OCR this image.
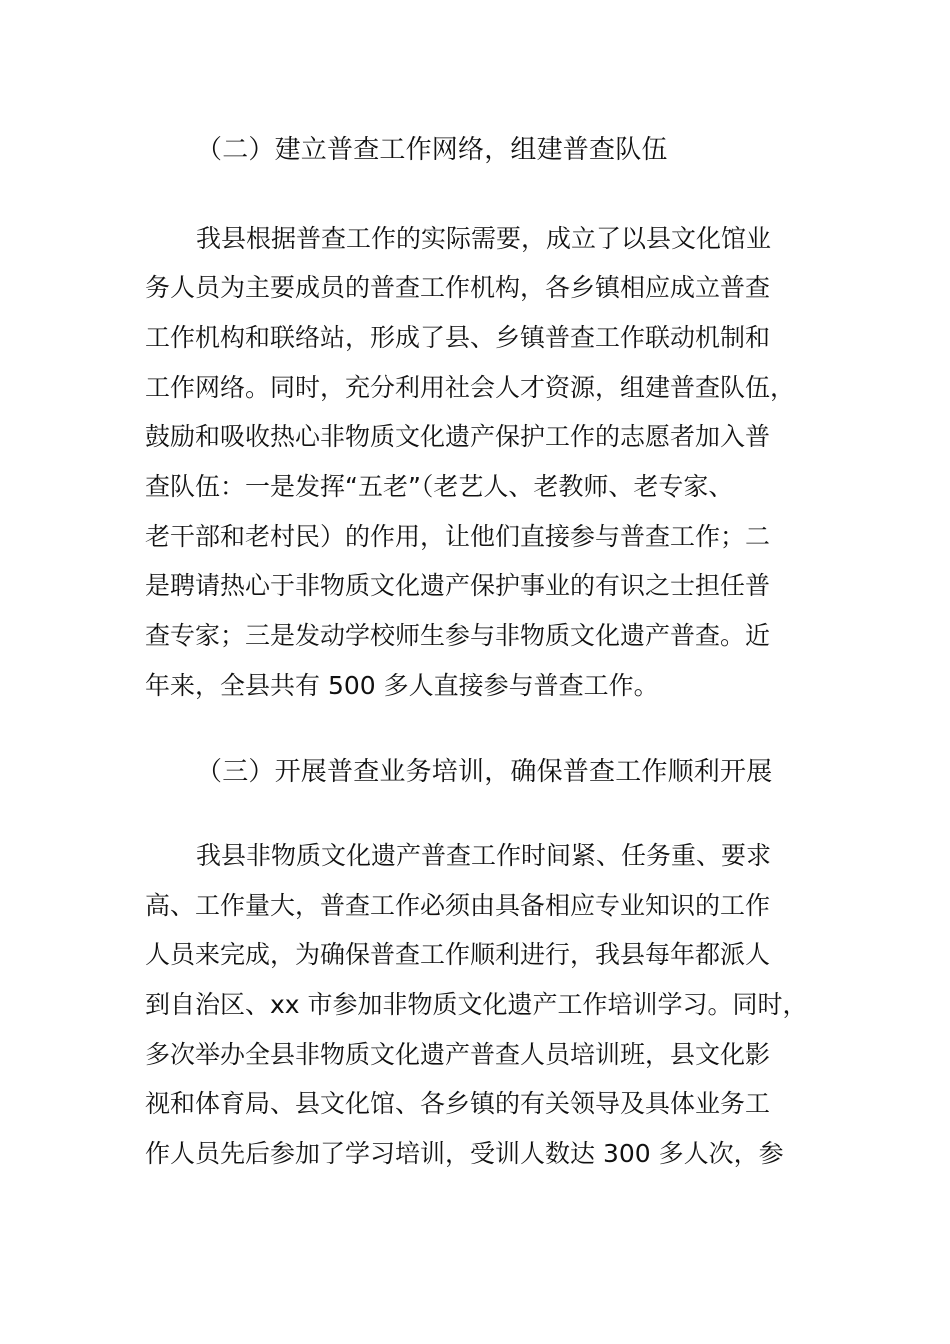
（二）建立普查工作网络，组建普查队伍
我县根据普查工作的实际需要，成立了以县文化馆业
务人员为主要成员的普查工作机构，各乡镇相应成立普查
工作机构和联络站，形成了县、乡镇普查工作联动机制和
工作网络。同时，充分利用社会人才资源，组建普查队伍，
鼓励和吸收热心非物质文化遗产保护工作的志愿者加入普
查队伍：一是发挥“五老”（老艺人、老教师、老专家、
老干部和老村民）的作用，让他们直接参与普查工作；二
是聘请热心于非物质文化遗产保护事业的有识之士担任普
查专家；三是发动学校师生参与非物质文化遗产普查。近
年来，全县共有 500 多人直接参与普查工作。
（三）开展普查业务培训，确保普查工作顺利开展
我县非物质文化遗产普查工作时间紧、任务重、要求
高、工作量大，普查工作必须由具备相应专业知识的工作
人员来完成，为确保普查工作顺利进行，我县每年都派人
到自治区、xx 市参加非物质文化遗产工作培训学习。同时，
多次举办全县非物质文化遗产普查人员培训班，县文化影
视和体育局、县文化馆、各乡镇的有关领导及具体业务工
作人员先后参加了学习培训，受训人数达 300 多人次，参
